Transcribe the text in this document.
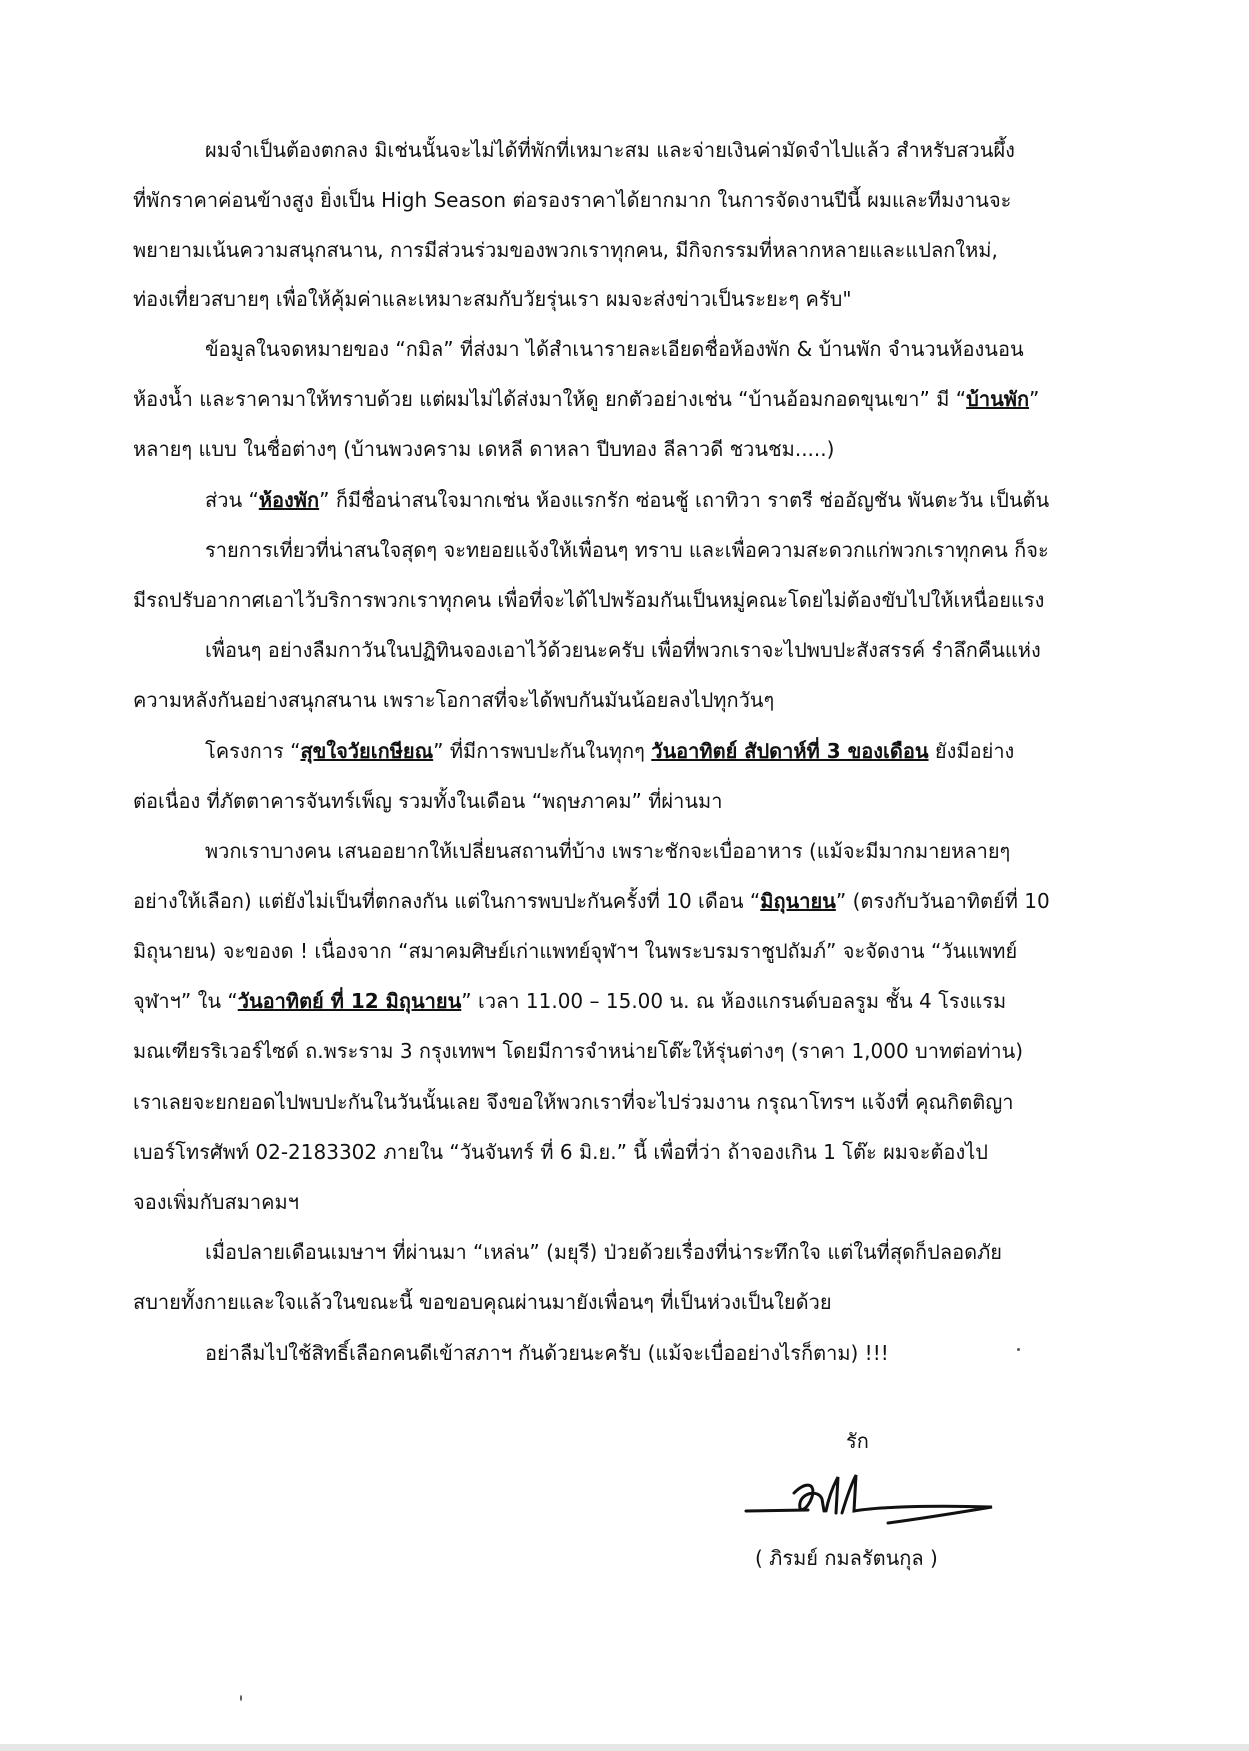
ผมจำเป็นต้องตกลง มิเช่นนั้นจะไม่ได้ที่พักที่เหมาะสม และจ่ายเงินค่ามัดจำไปแล้ว สำหรับสวนผึ้ง
ที่พักราคาค่อนข้างสูง ยิ่งเป็น High Season ต่อรองราคาได้ยากมาก ในการจัดงานปีนี้ ผมและทีมงานจะ
พยายามเน้นความสนุกสนาน, การมีส่วนร่วมของพวกเราทุกคน, มีกิจกรรมที่หลากหลายและแปลกใหม่,
ท่องเที่ยวสบายๆ เพื่อให้คุ้มค่าและเหมาะสมกับวัยรุ่นเรา ผมจะส่งข่าวเป็นระยะๆ ครับ"
ข้อมูลในจดหมายของ “กมิล” ที่ส่งมา ได้สำเนารายละเอียดชื่อห้องพัก & บ้านพัก จำนวนห้องนอน
ห้องน้ำ และราคามาให้ทราบด้วย แต่ผมไม่ได้ส่งมาให้ดู ยกตัวอย่างเช่น “บ้านอ้อมกอดขุนเขา” มี “บ้านพัก”
หลายๆ แบบ ในชื่อต่างๆ (บ้านพวงคราม เดหลี ดาหลา ปีบทอง ลีลาวดี ชวนชม.....)
ส่วน “ห้องพัก” ก็มีชื่อน่าสนใจมากเช่น ห้องแรกรัก ซ่อนชู้ เถาทิวา ราตรี ช่ออัญชัน พันตะวัน เป็นต้น
รายการเที่ยวที่น่าสนใจสุดๆ จะทยอยแจ้งให้เพื่อนๆ ทราบ และเพื่อความสะดวกแก่พวกเราทุกคน ก็จะ
มีรถปรับอากาศเอาไว้บริการพวกเราทุกคน เพื่อที่จะได้ไปพร้อมกันเป็นหมู่คณะโดยไม่ต้องขับไปให้เหนื่อยแรง
เพื่อนๆ อย่างลืมกาวันในปฏิทินจองเอาไว้ด้วยนะครับ เพื่อที่พวกเราจะไปพบปะสังสรรค์ รำลึกคืนแห่ง
ความหลังกันอย่างสนุกสนาน เพราะโอกาสที่จะได้พบกันมันน้อยลงไปทุกวันๆ
โครงการ “สุขใจวัยเกษียณ” ที่มีการพบปะกันในทุกๆ วันอาทิตย์ สัปดาห์ที่ 3 ของเดือน ยังมีอย่าง
ต่อเนื่อง ที่ภัตตาคารจันทร์เพ็ญ รวมทั้งในเดือน “พฤษภาคม” ที่ผ่านมา
พวกเราบางคน เสนออยากให้เปลี่ยนสถานที่บ้าง เพราะชักจะเบื่ออาหาร (แม้จะมีมากมายหลายๆ
อย่างให้เลือก) แต่ยังไม่เป็นที่ตกลงกัน แต่ในการพบปะกันครั้งที่ 10 เดือน “มิถุนายน” (ตรงกับวันอาทิตย์ที่ 10
มิถุนายน) จะของด ! เนื่องจาก “สมาคมศิษย์เก่าแพทย์จุฬาฯ ในพระบรมราชูปถัมภ์” จะจัดงาน “วันแพทย์
จุฬาฯ” ใน “วันอาทิตย์ ที่ 12 มิถุนายน” เวลา 11.00 – 15.00 น. ณ ห้องแกรนด์บอลรูม ชั้น 4 โรงแรม
มณเฑียรริเวอร์ไซด์ ถ.พระราม 3 กรุงเทพฯ โดยมีการจำหน่ายโต๊ะให้รุ่นต่างๆ (ราคา 1,000 บาทต่อท่าน)
เราเลยจะยกยอดไปพบปะกันในวันนั้นเลย จึงขอให้พวกเราที่จะไปร่วมงาน กรุณาโทรฯ แจ้งที่ คุณกิตติญา
เบอร์โทรศัพท์ 02-2183302 ภายใน “วันจันทร์ ที่ 6 มิ.ย.” นี้ เพื่อที่ว่า ถ้าจองเกิน 1 โต๊ะ ผมจะต้องไป
จองเพิ่มกับสมาคมฯ
เมื่อปลายเดือนเมษาฯ ที่ผ่านมา “เหล่น” (มยุรี) ป่วยด้วยเรื่องที่น่าระทึกใจ แต่ในที่สุดก็ปลอดภัย
สบายทั้งกายและใจแล้วในขณะนี้ ขอขอบคุณผ่านมายังเพื่อนๆ ที่เป็นห่วงเป็นใยด้วย
อย่าลืมไปใช้สิทธิ์เลือกคนดีเข้าสภาฯ กันด้วยนะครับ (แม้จะเบื่ออย่างไรก็ตาม) !!!
รัก
( ภิรมย์ กมลรัตนกุล )
